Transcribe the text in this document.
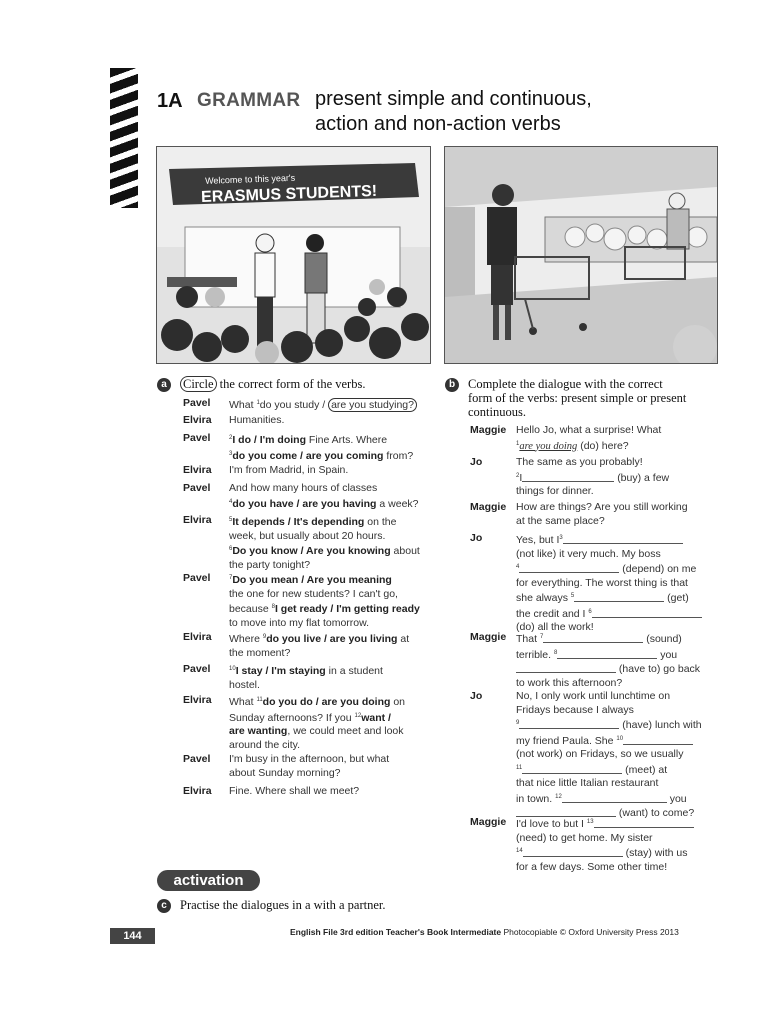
1A GRAMMAR present simple and continuous,
action and non-action verbs
Welcome to this year's
ERASMUS STUDENTS!
a	Circle the correct form of the verbs.
Pavel What $^1$do you study / are you studying?
Elvira Humanities.
Pavel	$^2$I do / I'm doing Fine Arts. Where
$^3$do you come / are you coming from?
Elvira I'm from Madrid, in Spain.
Pavel And how many hours of classes
$^4$do you have / are you having a week?
Elvira	$^5$It depends / It's depending on the
week, but usually about 20 hours.
$^6$Do you know / Are you knowing about
the party tonight?
Pavel	$^7$Do you mean / Are you meaning
the one for new students? I can't go,
because $^8$I get ready / I'm getting ready
to move into my flat tomorrow.
Elvira Where $^9$do you live / are you living at
the moment?
Pavel	$^{10}$I stay / I'm staying in a student
hostel.
Elvira What $^{11}$do you do / are you doing on
Sunday afternoons? If you $^{12}$want /
are wanting, we could meet and look
around the city.
Pavel I'm busy in the afternoon, but what
about Sunday morning?
Elvira Fine. Where shall we meet?
b	Complete the dialogue with the correct
form of the verbs: present simple or present
continuous.
Maggie Hello Jo, what a surprise! What
$^1$are you doing (do) here?
Jo	The same as you probably!
$^2$I	(buy) a few
things for dinner.
Maggie How are things? Are you still working
at the same place?
Jo	Yes, but $I^3$
(not like) it very much. My boss
$^4$	(depend) on me
for everything. The worst thing is that
she always $^5$	(get)
the credit and I $^6$
(do) all the work!
Maggie That $^7$	(sound)
terrible. $^8$	you
(have to) go back
to work this afternoon?
Jo	No, I only work until lunchtime on
Fridays because I always
$^9$	(have) lunch with
my friend Paula. She $^{10}$
(not work) on Fridays, so we usually
$^{11}$	(meet) at
that nice little Italian restaurant
in town. $^{12}$	you
(want) to come?
Maggie I'd love to but I $^{13}$
(need) to get home. My sister
$^{14}$	(stay) with us
for a few days. Some other time!
activation
c	Practise the dialogues in a with a partner.
144	English File 3rd edition Teacher's Book Intermediate Photocopiable © Oxford University Press 2013
